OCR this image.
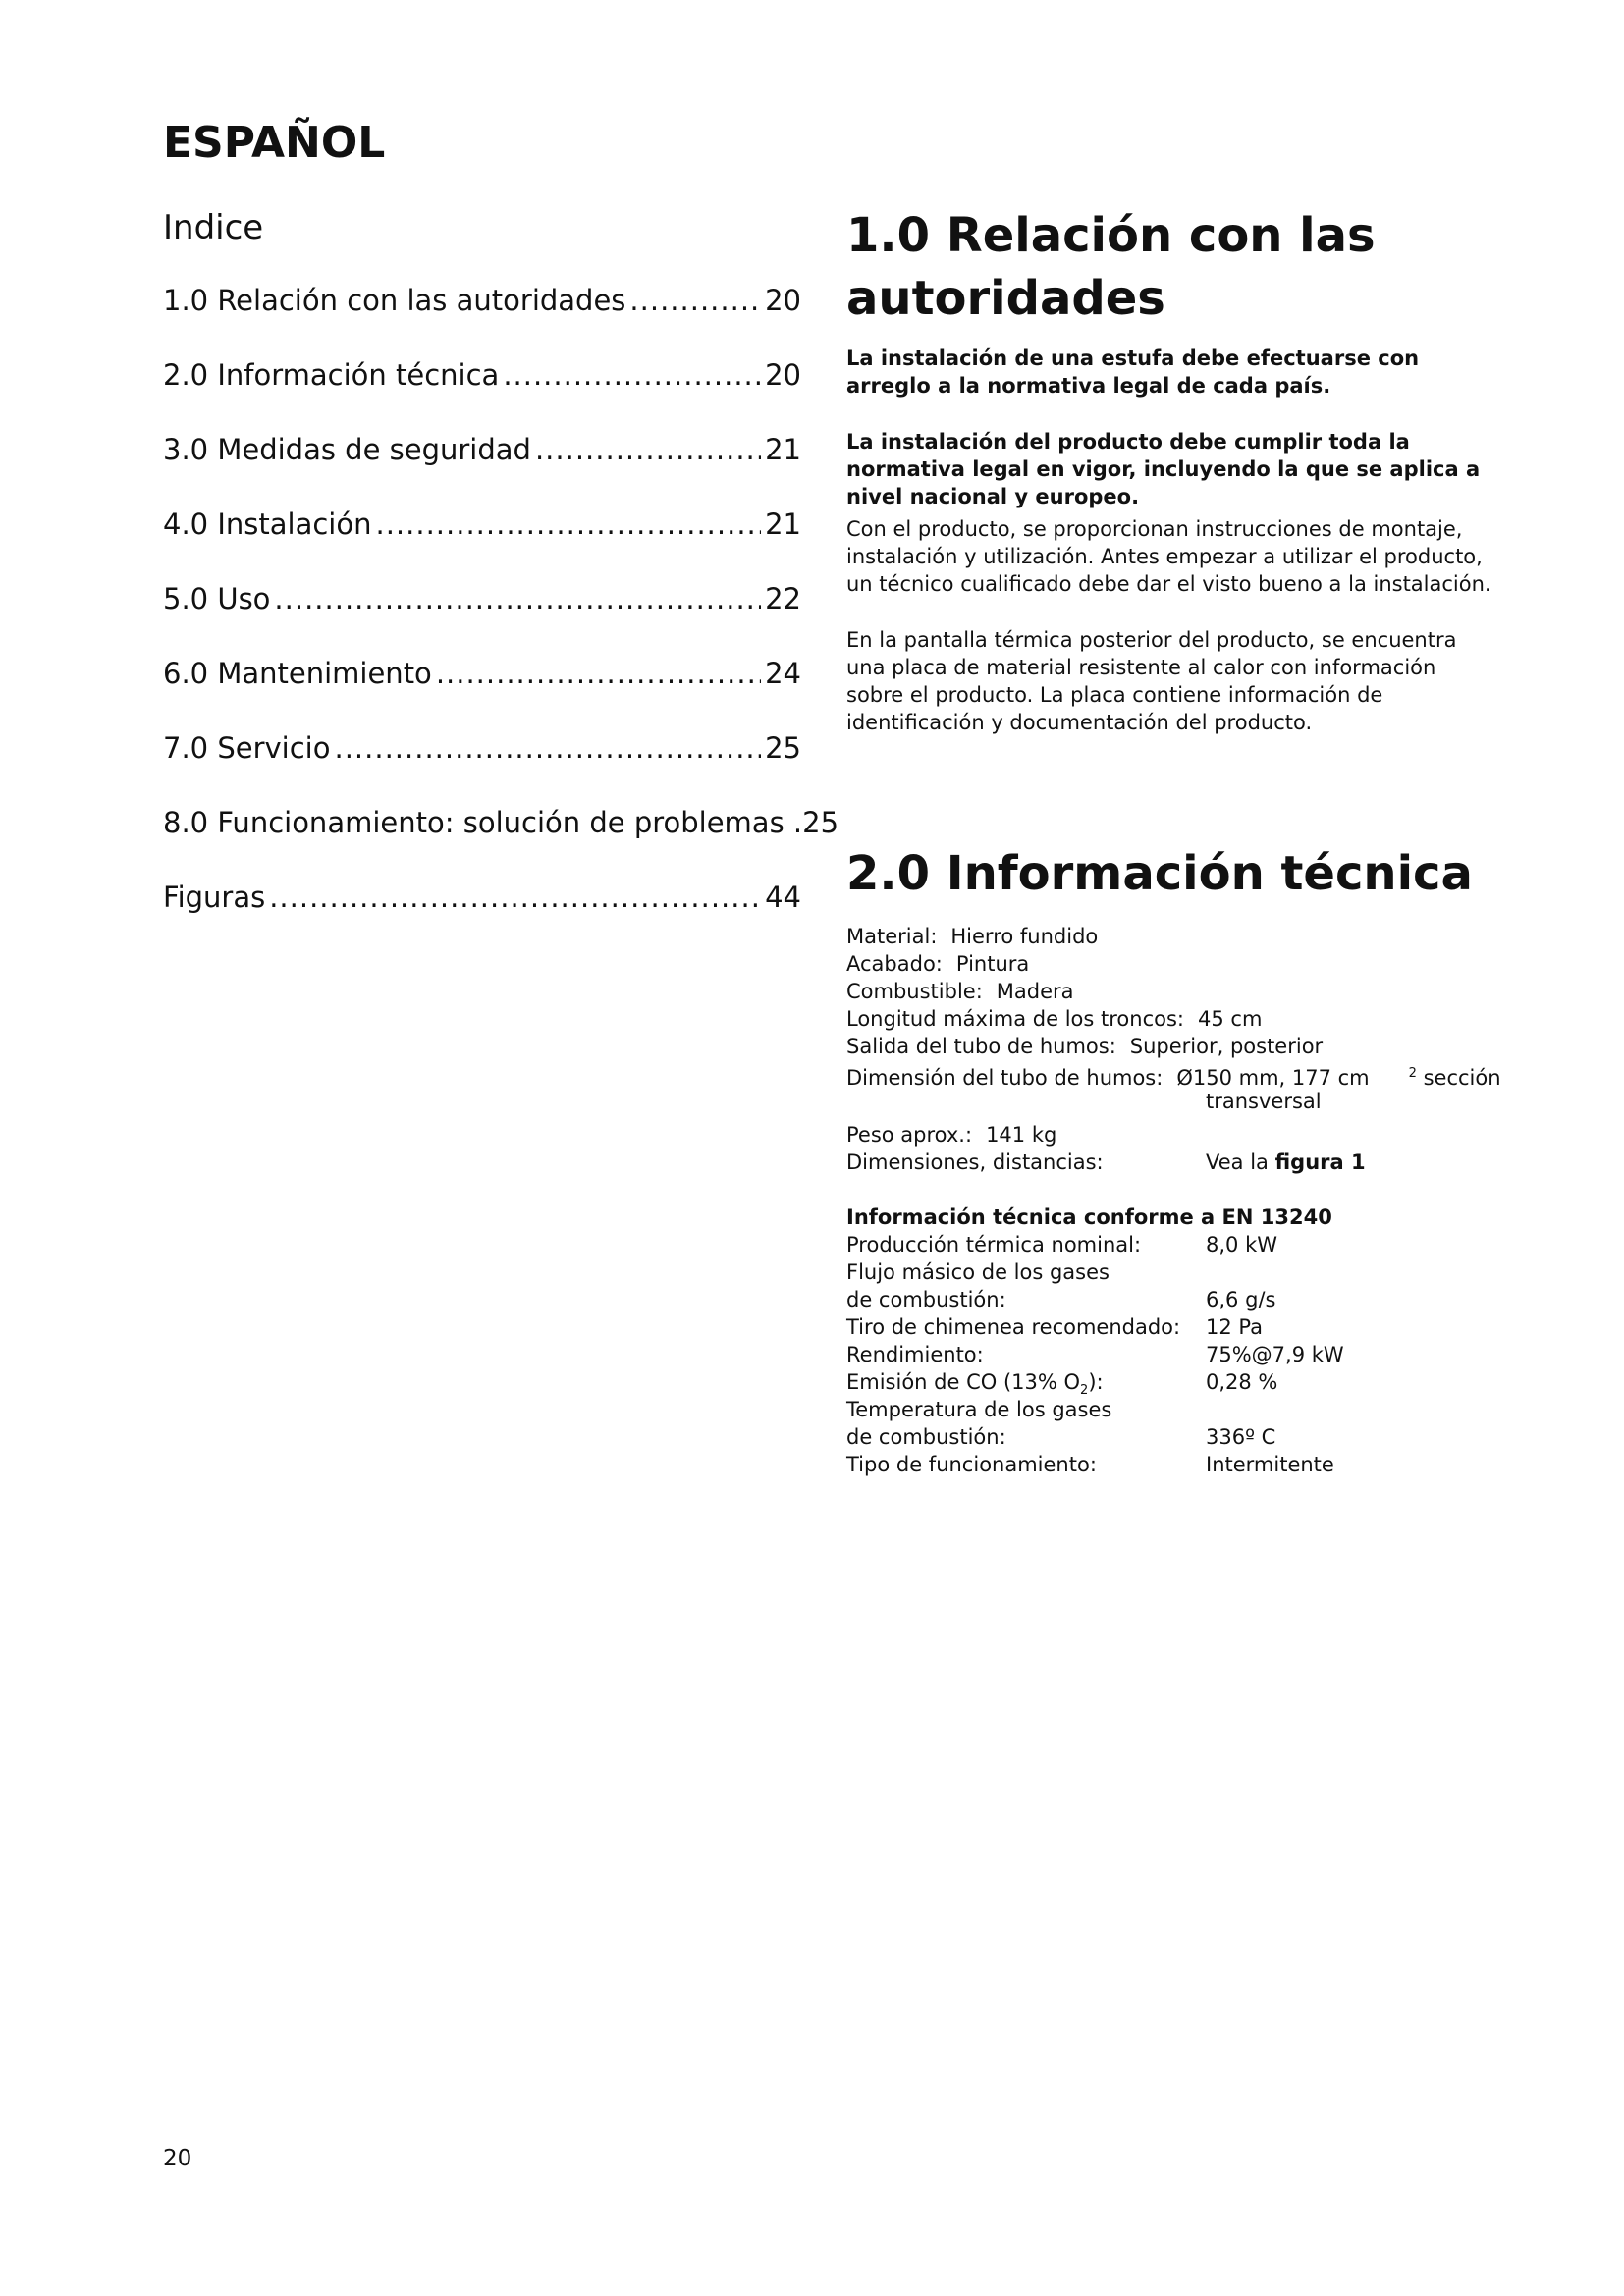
ESPAÑOL
Indice
1.0 Relación con las autoridades .....	20
2.0 Información técnica .....	20
3.0 Medidas de seguridad .....	21
4.0 Instalación .....	21
5.0 Uso .....	22
6.0 Mantenimiento .....	24
7.0 Servicio .....	25
8.0 Funcionamiento: solución de problemas . 25
Figuras .....	44
1.0 Relación con las
autoridades

La instalación de una estufa debe efectuarse con arreglo a la normativa legal de cada país.

La instalación del producto debe cumplir toda la normativa legal en vigor, incluyendo la que se aplica a nivel nacional y europeo.

Con el producto, se proporcionan instrucciones de montaje, instalación y utilización. Antes empezar a utilizar el producto, un técnico cualificado debe dar el visto bueno a la instalación.

En la pantalla térmica posterior del producto, se encuentra una placa de material resistente al calor con información sobre el producto. La placa contiene información de identificación y documentación del producto.

2.0 Información técnica
Material: Hierro fundido
Acabado: Pintura
Combustible: Madera
Longitud máxima de los troncos: 45 cm
Salida del tubo de humos: Superior, posterior
Dimensión del tubo de humos: Ø150 mm, 177 cm	$^2$ sección
transversal
Peso aprox.: 141 kg
Dimensiones, distancias:	Vea la figura 1
Información técnica conforme a EN 13240
Producción térmica nominal:	8,0 kW
Flujo másico de los gases
de combustión:	6,6 g/s
Tiro de chimenea recomendado: 12 Pa
Rendimiento:	75%@7,9 kW
Emisión de CO (13% $O_2$):	0,28 %
Temperatura de los gases
de combustión:	336º C
Tipo de funcionamiento:	Intermitente
20
